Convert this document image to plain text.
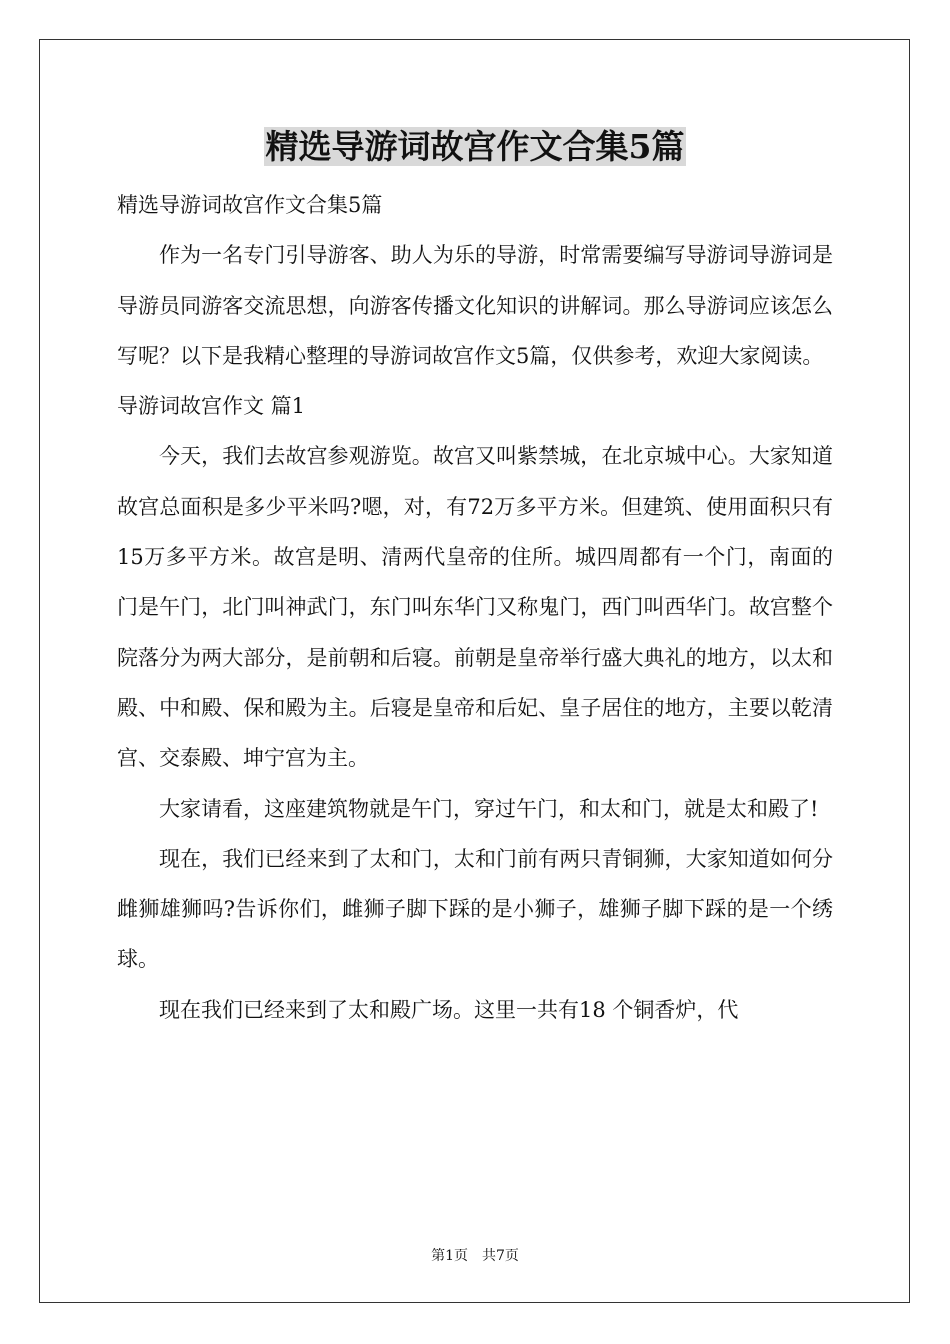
精选导游词故宫作文合集5篇

精选导游词故宫作文合集5篇

作为一名专门引导游客、助人为乐的导游，时常需要编写导游词导游词是导游员同游客交流思想，向游客传播文化知识的讲解词。那么导游词应该怎么写呢？以下是我精心整理的导游词故宫作文5篇，仅供参考，欢迎大家阅读。

导游词故宫作文 篇1

今天，我们去故宫参观游览。故宫又叫紫禁城，在北京城中心。大家知道故宫总面积是多少平米吗?嗯，对，有72万多平方米。但建筑、使用面积只有15万多平方米。故宫是明、清两代皇帝的住所。城四周都有一个门，南面的门是午门，北门叫神武门，东门叫东华门又称鬼门，西门叫西华门。故宫整个院落分为两大部分，是前朝和后寝。前朝是皇帝举行盛大典礼的地方，以太和殿、中和殿、保和殿为主。后寝是皇帝和后妃、皇子居住的地方，主要以乾清宫、交泰殿、坤宁宫为主。

大家请看，这座建筑物就是午门，穿过午门，和太和门，就是太和殿了!

现在，我们已经来到了太和门，太和门前有两只青铜狮，大家知道如何分雌狮雄狮吗?告诉你们，雌狮子脚下踩的是小狮子，雄狮子脚下踩的是一个绣球。

现在我们已经来到了太和殿广场。这里一共有18 个铜香炉，代

第1页　共7页
